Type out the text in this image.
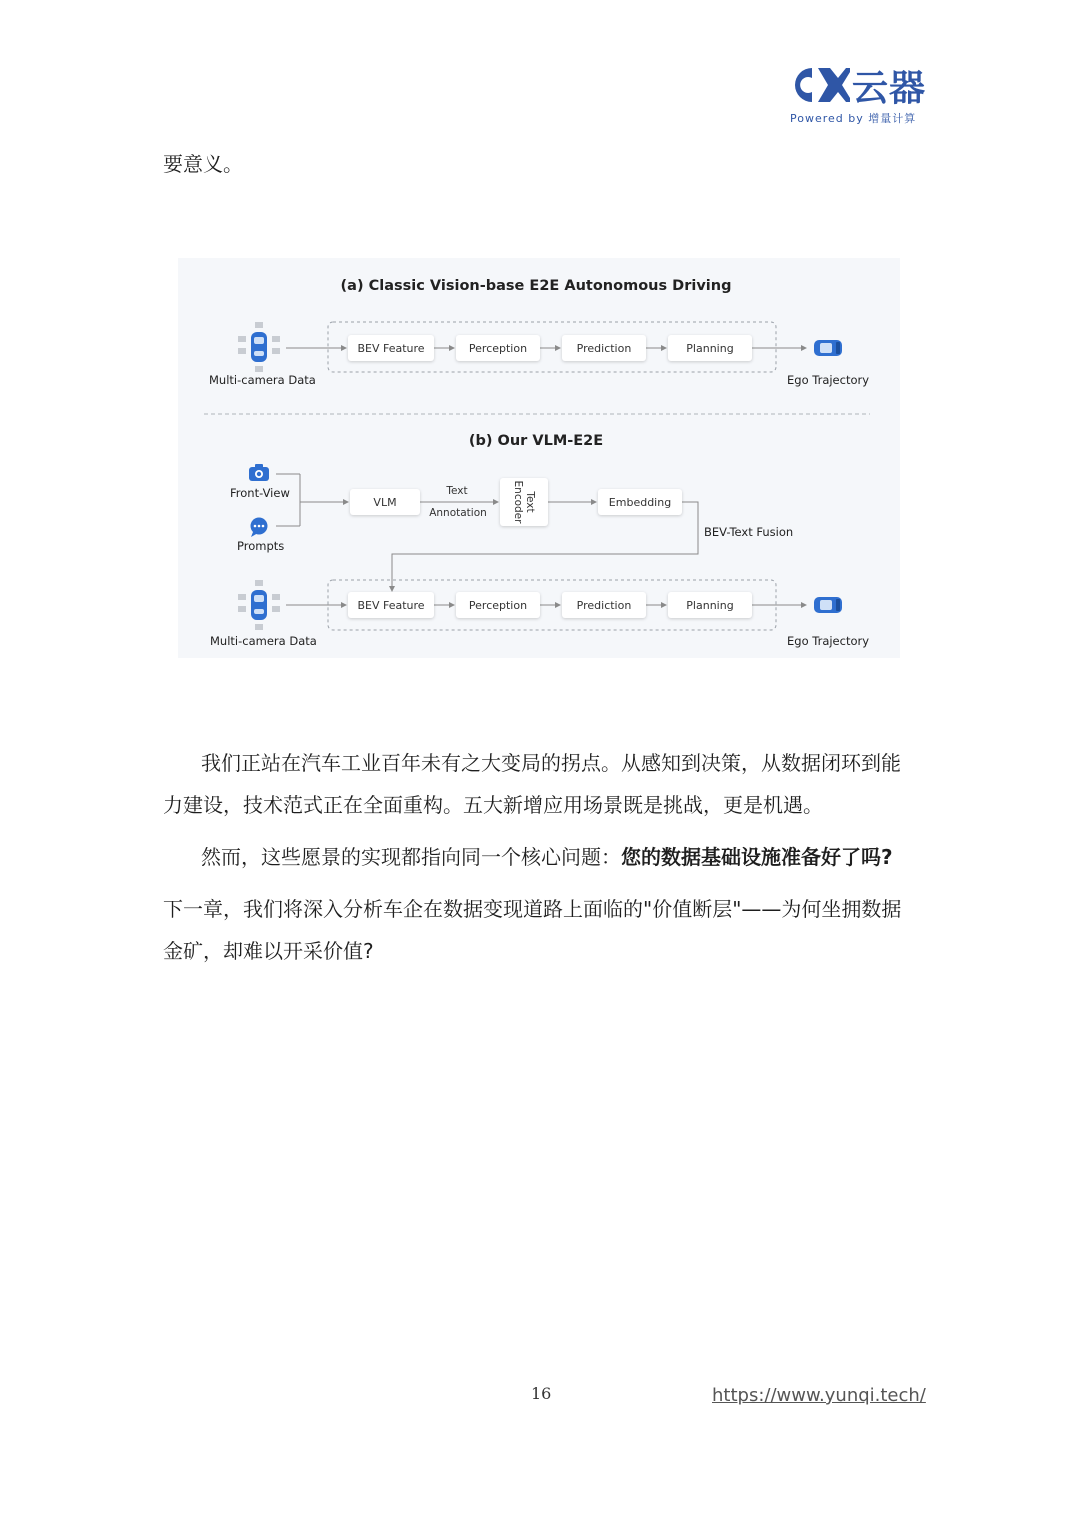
云器
Powered by 增量计算
要意义。
(a) Classic Vision-base E2E Autonomous Driving
Multi-camera Data
BEV Feature	Perception	Prediction	Planning
Ego Trajectory
(b) Our VLM-E2E
Front-View
Prompts
VLM
Text
Annotation
Text Encoder	Embedding
BEV-Text Fusion
Multi-camera Data
BEV Feature	Perception	Prediction	Planning
Ego Trajectory
我们正站在汽车工业百年未有之大变局的拐点。从感知到决策，从数据闭环到能力建设，技术范式正在全面重构。五大新增应用场景既是挑战，更是机遇。
然而，这些愿景的实现都指向同一个核心问题：您的数据基础设施准备好了吗?
下一章，我们将深入分析车企在数据变现道路上面临的"价值断层"——为何坐拥数据金矿，却难以开采价值?
16	https://www.yunqi.tech/
